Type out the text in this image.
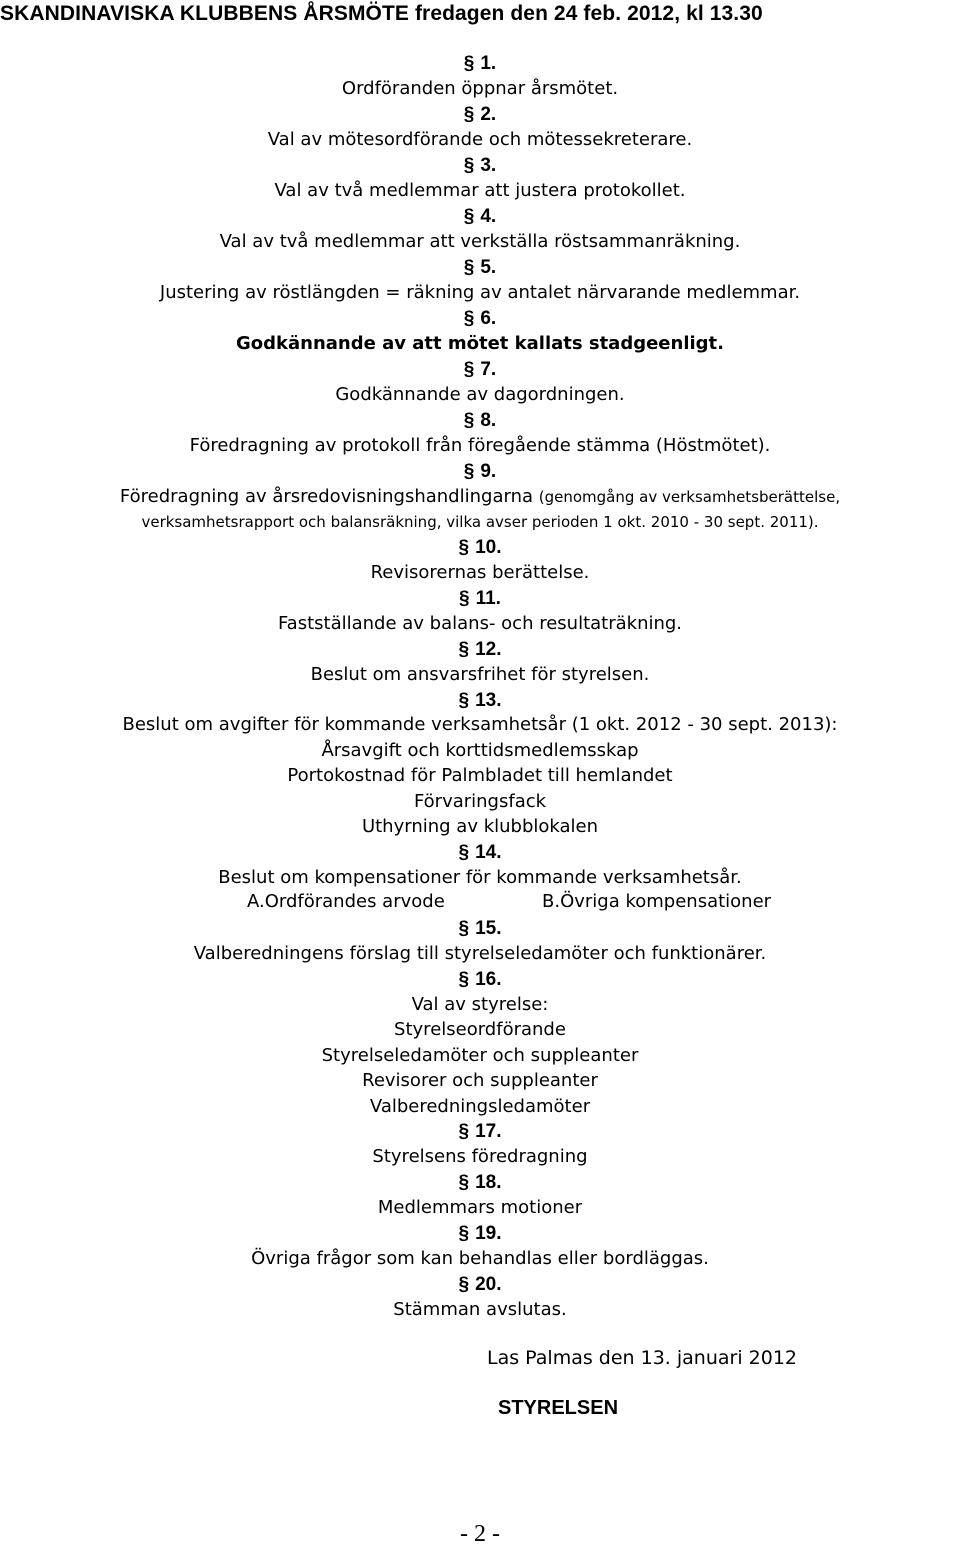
SKANDINAVISKA KLUBBENS ÅRSMÖTE fredagen den 24 feb. 2012, kl 13.30
§ 1.
Ordföranden öppnar årsmötet.
§ 2.
Val av mötesordförande och mötessekreterare.
§ 3.
Val av två medlemmar att justera protokollet.
§ 4.
Val av två medlemmar att verkställa röstsammanräkning.
§ 5.
Justering av röstlängden = räkning av antalet närvarande medlemmar.
§ 6.
Godkännande av att mötet kallats stadgeenligt.
§ 7.
Godkännande av dagordningen.
§ 8.
Föredragning av protokoll från föregående stämma (Höstmötet).
§ 9.
Föredragning av årsredovisningshandlingarna (genomgång av verksamhetsberättelse,
verksamhetsrapport och balansräkning, vilka avser perioden 1 okt. 2010 - 30 sept. 2011).
§ 10.
Revisorernas berättelse.
§ 11.
Fastställande av balans- och resultaträkning.
§ 12.
Beslut om ansvarsfrihet för styrelsen.
§ 13.
Beslut om avgifter för kommande verksamhetsår (1 okt. 2012 - 30 sept. 2013):
Årsavgift och korttidsmedlemsskap
Portokostnad för Palmbladet till hemlandet
Förvaringsfack
Uthyrning av klubblokalen
§ 14.
Beslut om kompensationer för kommande verksamhetsår.
A.Ordförandes arvode	B.Övriga kompensationer
§ 15.
Valberedningens förslag till styrelseledamöter och funktionärer.
§ 16.
Val av styrelse:
Styrelseordförande
Styrelseledamöter och suppleanter
Revisorer och suppleanter
Valberedningsledamöter
§ 17.
Styrelsens föredragning
§ 18.
Medlemmars motioner
§ 19.
Övriga frågor som kan behandlas eller bordläggas.
§ 20.
Stämman avslutas.
Las Palmas den 13. januari 2012
STYRELSEN
- 2 -
